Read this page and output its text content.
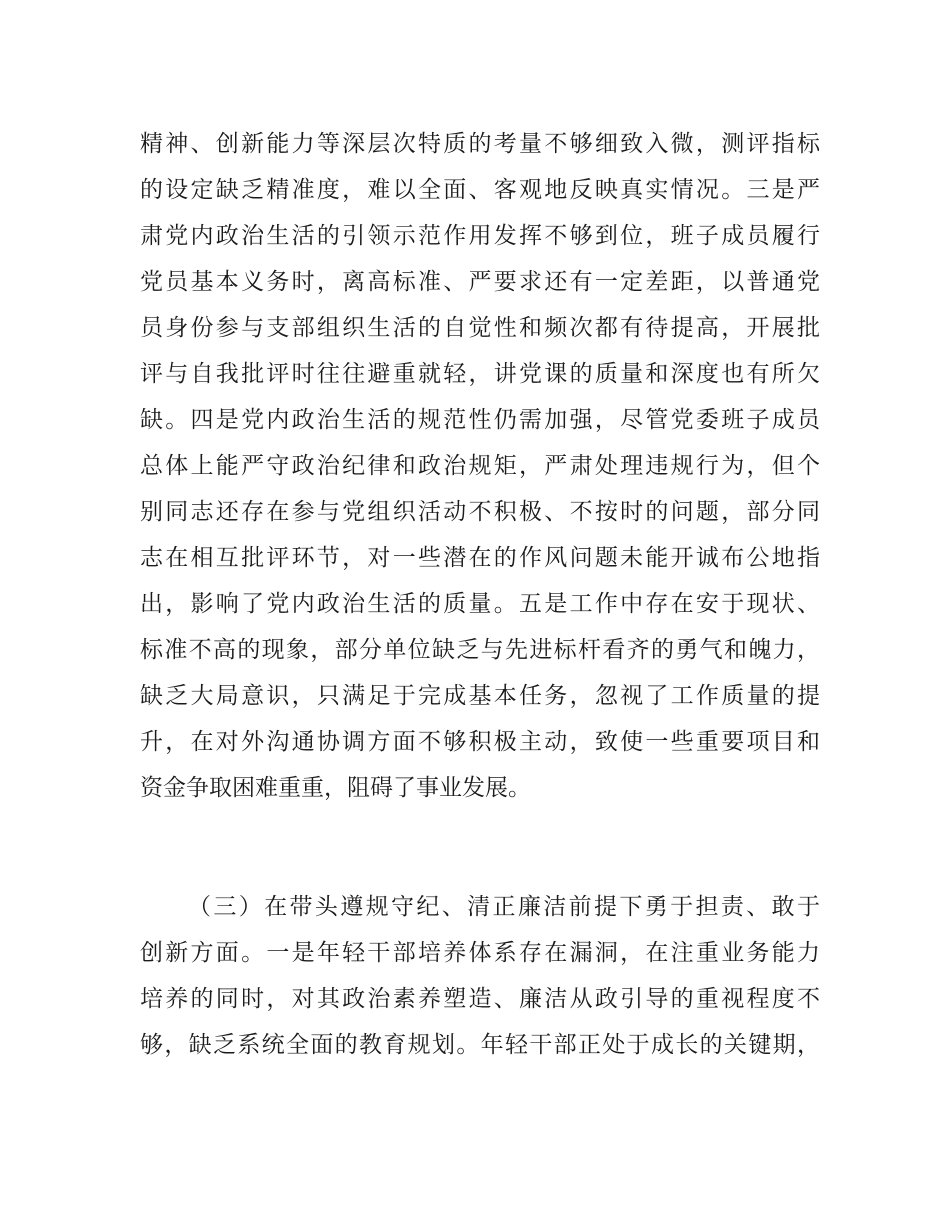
精神、创新能力等深层次特质的考量不够细致入微，测评指标
的设定缺乏精准度，难以全面、客观地反映真实情况。三是严
肃党内政治生活的引领示范作用发挥不够到位，班子成员履行
党员基本义务时，离高标准、严要求还有一定差距，以普通党
员身份参与支部组织生活的自觉性和频次都有待提高，开展批
评与自我批评时往往避重就轻，讲党课的质量和深度也有所欠
缺。四是党内政治生活的规范性仍需加强，尽管党委班子成员
总体上能严守政治纪律和政治规矩，严肃处理违规行为，但个
别同志还存在参与党组织活动不积极、不按时的问题，部分同
志在相互批评环节，对一些潜在的作风问题未能开诚布公地指
出，影响了党内政治生活的质量。五是工作中存在安于现状、
标准不高的现象，部分单位缺乏与先进标杆看齐的勇气和魄力，
缺乏大局意识，只满足于完成基本任务，忽视了工作质量的提
升，在对外沟通协调方面不够积极主动，致使一些重要项目和
资金争取困难重重，阻碍了事业发展。
（三）在带头遵规守纪、清正廉洁前提下勇于担责、敢于
创新方面。一是年轻干部培养体系存在漏洞，在注重业务能力
培养的同时，对其政治素养塑造、廉洁从政引导的重视程度不
够，缺乏系统全面的教育规划。年轻干部正处于成长的关键期，
